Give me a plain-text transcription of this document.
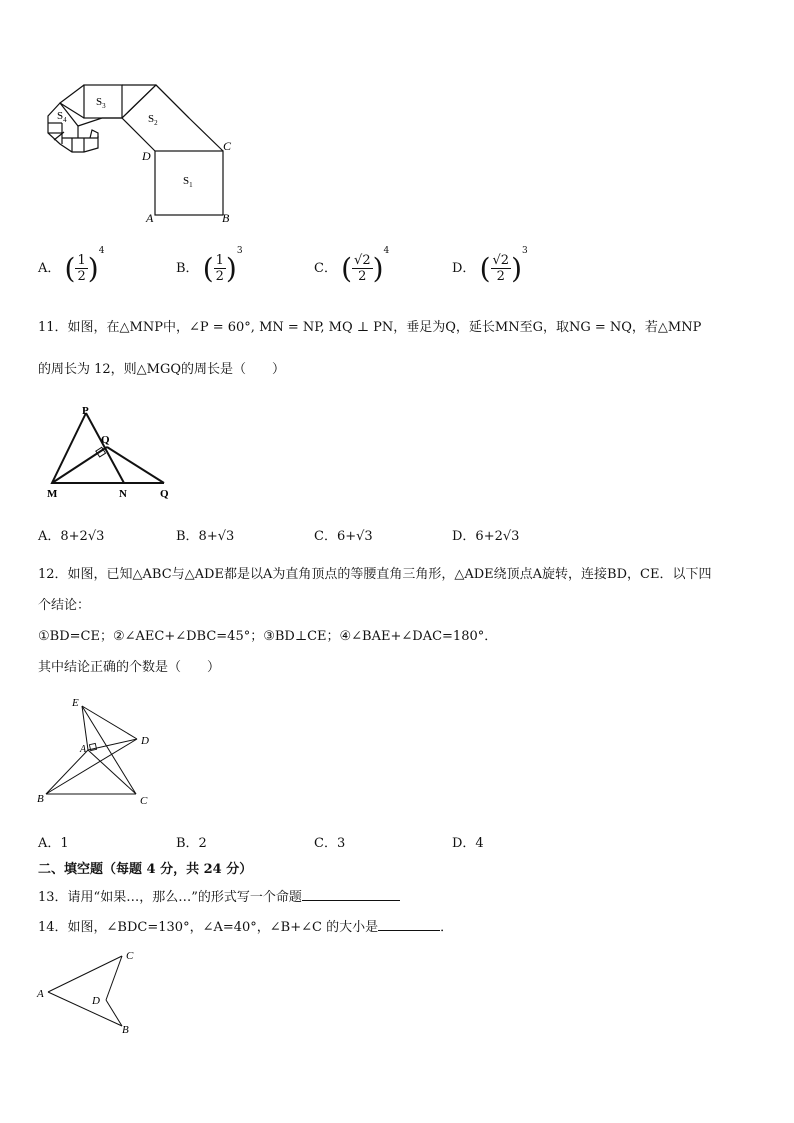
$S_1$
$S_2$
$S_3$
$S_4$
A	B
C
D
A． ( $\frac{1}{2} )^4$
B． ( $\frac{1}{2} )^3$
C． ( $\frac{√2}{2} )^4$
D． ( $\frac{√2}{2} )^3$
11．如图，在△MNP中，∠P = 60°, MN = NP, MQ ⊥ PN，垂足为Q，延长MN至G，取NG = NQ，若△MNP
的周长为 12，则△MGQ的周长是（　　）
P
Q
M	N	Q
A．8+2√3	B．8+√3	C．6+√3	D．6+2√3
12．如图，已知△ABC与△ADE都是以A为直角顶点的等腰直角三角形，△ADE绕顶点A旋转，连接BD，CE．以下四
个结论：
①BD=CE；②∠AEC+∠DBC=45°；③BD⊥CE；④∠BAE+∠DAC=180°．
其中结论正确的个数是（　　）
E
A
D
B	C
A．1	B．2	C．3	D．4
二、填空题（每题 4 分，共 24 分）
13．请用“如果…，那么…”的形式写一个命题
14．如图，∠BDC=130°，∠A=40°，∠B+∠C 的大小是	．
A
C
D
B
